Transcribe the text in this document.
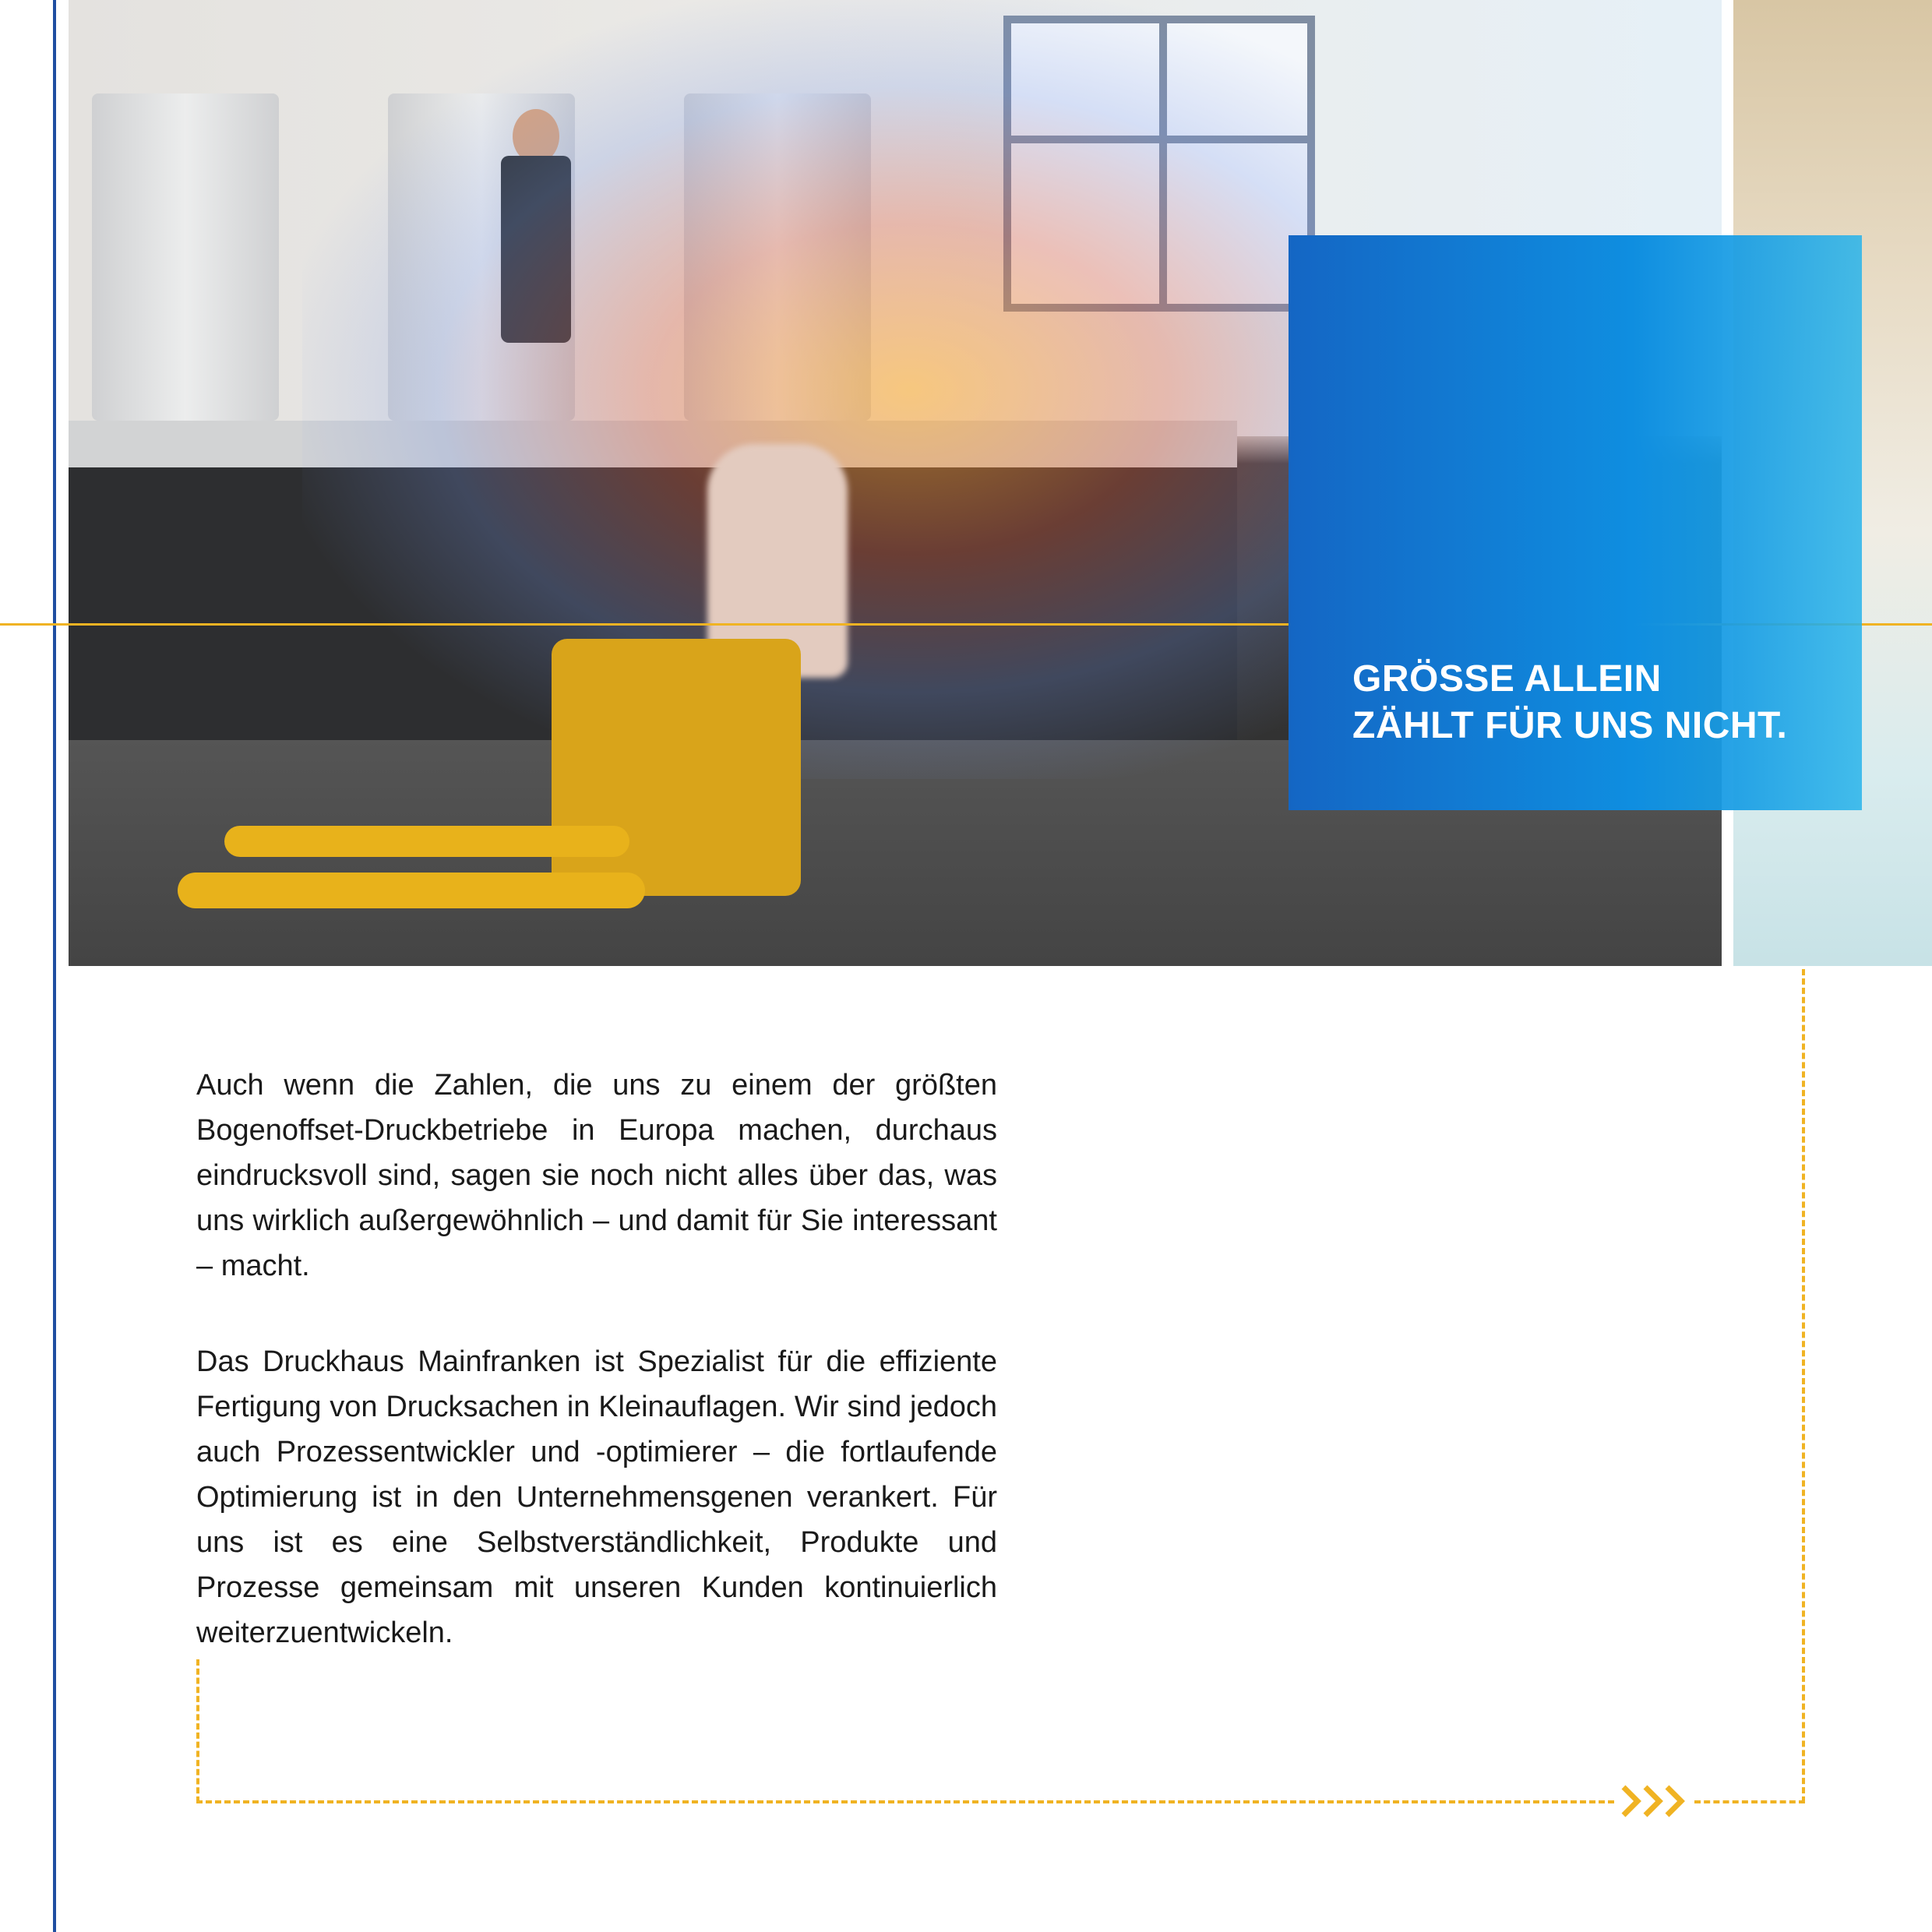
GRÖSSE ALLEIN
ZÄHLT FÜR UNS NICHT.
Auch wenn die Zahlen, die uns zu einem der größten Bogenoffset-Druckbetriebe in Europa machen, durchaus eindrucksvoll sind, sagen sie noch nicht alles über das, was uns wirklich außergewöhnlich – und damit für Sie interessant – macht.
Das Druckhaus Mainfranken ist Spezialist für die effiziente Fertigung von Drucksachen in Kleinauflagen. Wir sind jedoch auch Prozessentwickler und -optimierer – die fortlaufende Optimierung ist in den Unternehmensgenen verankert. Für uns ist es eine Selbstverständlichkeit, Produkte und Prozesse gemeinsam mit unseren Kunden kontinuierlich weiterzuentwickeln.
